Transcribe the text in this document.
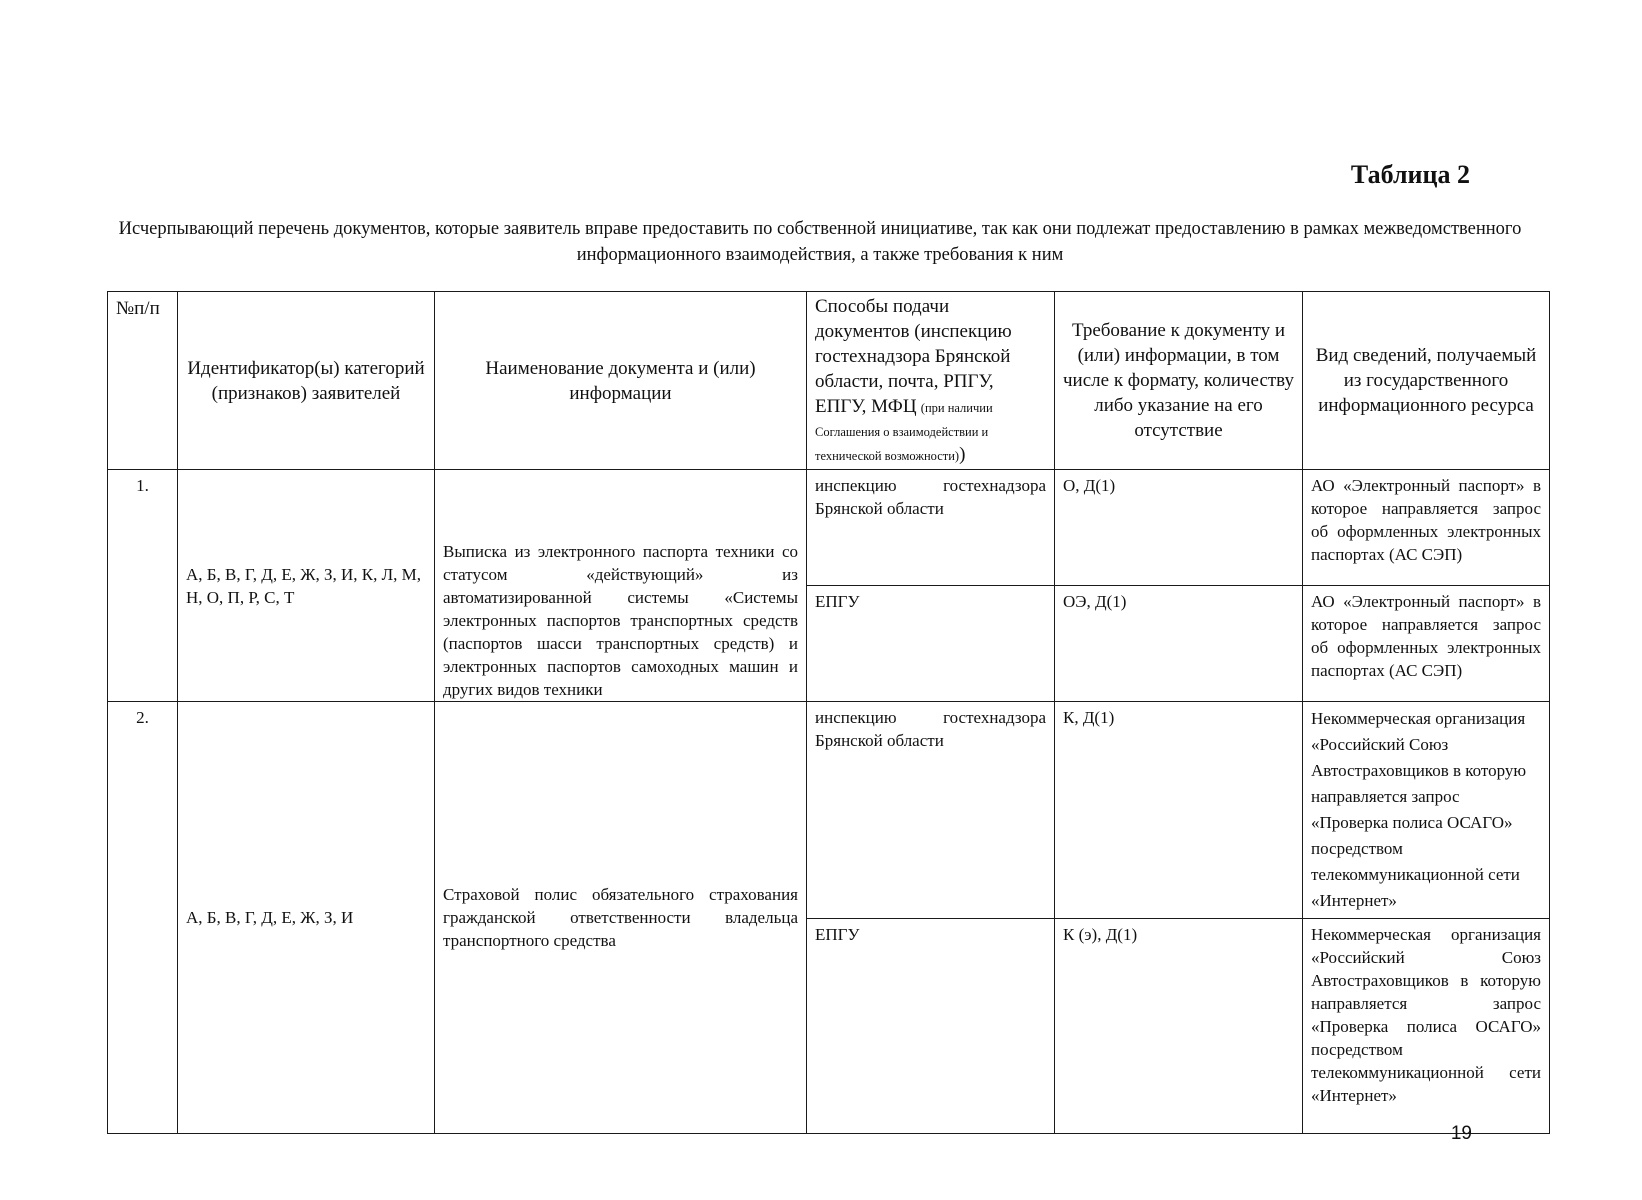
Таблица 2
Исчерпывающий перечень документов, которые заявитель вправе предоставить по собственной инициативе, так как они подлежат предоставлению в рамках межведомственного информационного взаимодействия, а также требования к ним
№п/п	Идентификатор(ы) категорий (признаков) заявителей	Наименование документа и (или) информации	Способы подачи документов (инспекцию гостехнадзора Брянской области, почта, РПГУ, ЕПГУ, МФЦ (при наличии Соглашения о взаимодействии и технической возможности))	Требование к документу и (или) информации, в том числе к формату, количеству либо указание на его отсутствие	Вид сведений, получаемый из государственного информационного ресурса
1.	А, Б, В, Г, Д, Е, Ж, З, И, К, Л, М, Н, О, П, Р, С, Т	Выписка из электронного паспорта техники со статусом «действующий» из автоматизированной системы «Системы электронных паспортов транспортных средств (паспортов шасси транспортных средств) и электронных паспортов самоходных машин и других видов техники	инспекцию гостехнадзора Брянской области	О, Д(1)	АО «Электронный паспорт» в которое направляется запрос об оформленных электронных паспортах (АС СЭП)
			ЕПГУ	ОЭ, Д(1)	АО «Электронный паспорт» в которое направляется запрос об оформленных электронных паспортах (АС СЭП)
2.	А, Б, В, Г, Д, Е, Ж, З, И	Страховой полис обязательного страхования гражданской ответственности владельца транспортного средства	инспекцию гостехнадзора Брянской области	К, Д(1)	Некоммерческая организация «Российский Союз Автостраховщиков в которую направляется запрос «Проверка полиса ОСАГО» посредством телекоммуникационной сети «Интернет»
			ЕПГУ	К (э), Д(1)	Некоммерческая организация «Российский Союз Автостраховщиков в которую направляется запрос «Проверка полиса ОСАГО» посредством телекоммуникационной сети «Интернет»
19
